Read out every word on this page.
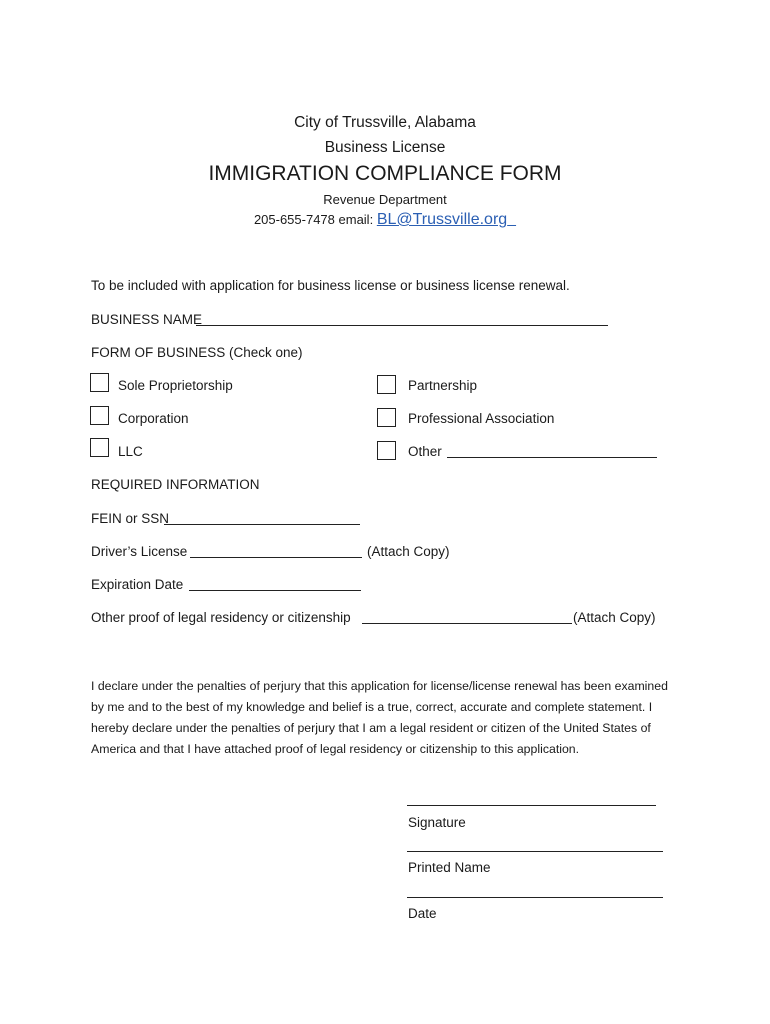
City of Trussville, Alabama
Business License
IMMIGRATION COMPLIANCE FORM
Revenue Department
205-655-7478 email: BL@Trussville.org
To be included with application for business license or business license renewal.
BUSINESS NAME
FORM OF BUSINESS (Check one)
Sole Proprietorship	Partnership
Corporation	Professional Association
LLC	Other
REQUIRED INFORMATION
FEIN or SSN
Driver’s License	(Attach Copy)
Expiration Date
Other proof of legal residency or citizenship	(Attach Copy)
I declare under the penalties of perjury that this application for license/license renewal has been examined by me and to the best of my knowledge and belief is a true, correct, accurate and complete statement. I hereby declare under the penalties of perjury that I am a legal resident or citizen of the United States of America and that I have attached proof of legal residency or citizenship to this application.
Signature
Printed Name
Date
